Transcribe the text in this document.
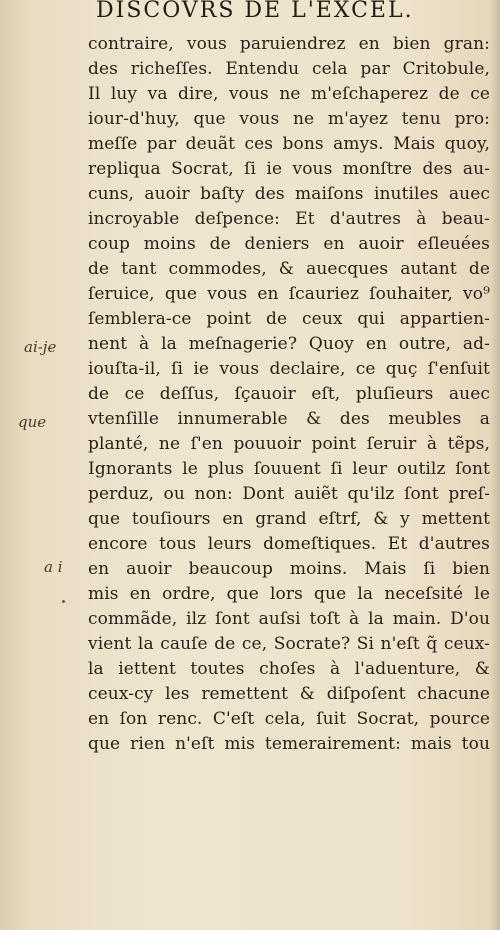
DISCOVRS DE L'EXCEL.
ai-je
que
a i
contraire, vous paruiendrez en bien gran:
des richeſſes. Entendu cela par Critobule,
Il luy va dire, vous ne m'eſchaperez de ce
iour-d'huy, que vous ne m'ayez tenu pro:
meſſe par deuãt ces bons amys. Mais quoy,
repliqua Socrat, ſi ie vous monſtre des au-
cuns, auoir baſty des maiſons inutiles auec
incroyable deſpence: Et d'autres à beau-
coup moins de deniers en auoir eſleuées
de tant commodes, & auecques autant de
ſeruice, que vous en ſcauriez ſouhaiter, vo⁹
ſemblera-ce point de ceux qui appartien-
nent à la meſnagerie? Quoy en outre, ad-
iouſta-il, ſi ie vous declaire, ce quç ſ'enſuit
de ce deſſus, ſçauoir eſt, pluſieurs auec
vtenſille innumerable & des meubles a
planté, ne ſ'en pouuoir point ſeruir à tẽps,
Ignorants le plus ſouuent ſi leur outilz ſont
perduz, ou non: Dont auiẽt qu'ilz ſont preſ-
que touſiours en grand eſtrf, & y mettent
encore tous leurs domeſtiques. Et d'autres
en auoir beaucoup moins. Mais ſi bien
mis en ordre, que lors que la neceſsité le
commãde, ilz ſont auſsi toſt à la main. D'ou
vient la cauſe de ce, Socrate? Si n'eſt q̃ ceux-
la iettent toutes choſes à l'aduenture, &
ceux-cy les remettent & diſpoſent chacune
en ſon renc. C'eſt cela, ſuit Socrat, pource
que rien n'eſt mis temerairement: mais tou
